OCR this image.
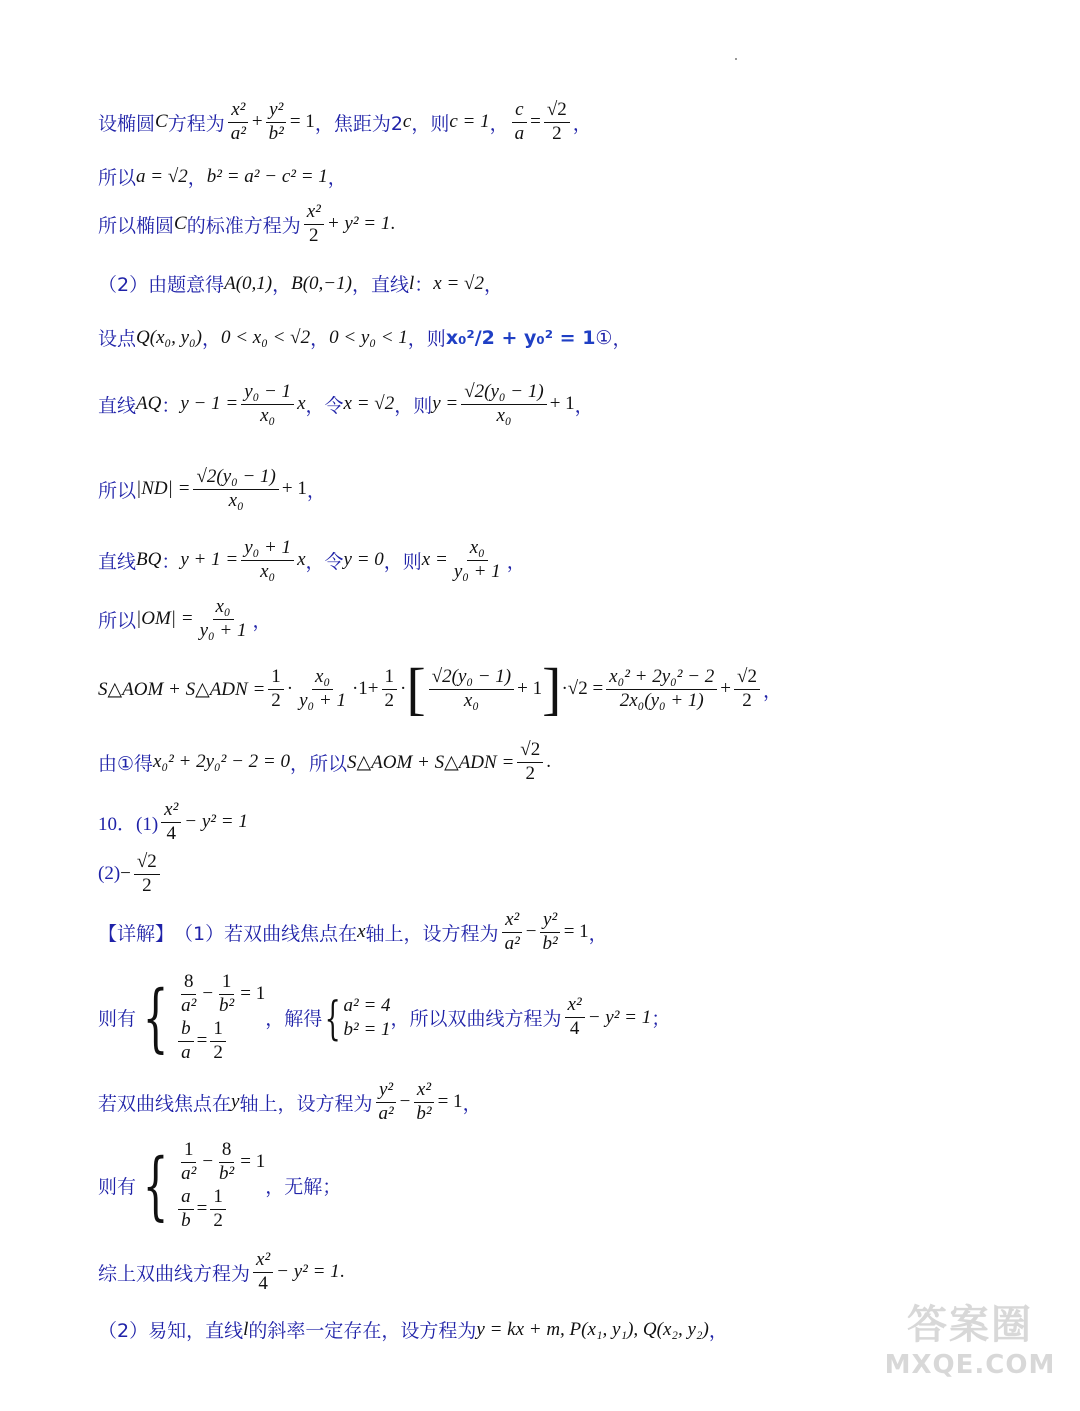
设椭圆 C 方程为 $\frac{\text{x²}}{\text{a²}} + \frac{\text{y²}}{\text{b²}} = 1$ ，焦距为2 c ，则 c = 1 ， $\frac{c}{a} = \frac{√2}{2}$ ，
所以 a = √2 ， b² = a² − c² = 1 ，
所以椭圆 C 的标准方程为 $\frac{\text{x²}}{2} + y^2 = 1$ .
（2）由题意得 A(0,1) ， B(0,−1) ，直线 l ： x = √2 ，
设点 Q(x₀, y₀) ， 0 < x₀ < √2 ， 0 < y₀ < 1 ，则 x₀²/2 + y₀² = 1 ① ，
直线 AQ ： $y - 1 = \frac{\text{y₀ − 1}}{\text{x₀}}$ x ，令 x = √2 ，则 $y = \frac{\text{√2(y₀ − 1)}}{\text{x₀}} + 1$ ，
所以 $|ND| = \frac{\text{√2(y₀ − 1)}}{\text{x₀}} + 1$ ，
直线 BQ ： $y + 1 = \frac{\text{y₀ + 1}}{\text{x₀}}$ x ，令 y = 0 ，则 $x = \frac{\text{x₀}}{\text{y₀ + 1}}$ ，
所以 $|OM| = \frac{\text{x₀}}{\text{y₀ + 1}}$ ，
S△AOM + S△ADN = $\frac{1}{2} \cdot \frac{\text{x₀}}{\text{y₀ + 1}} \cdot 1+ \frac{1}{2}$ · [ $\frac{\text{√2(y₀ − 1)}}{\text{x₀}} + 1$ ] $\cdot√2 = \frac{\text{x₀² + 2y₀² − 2}}{\text{2x₀(y₀ + 1)}} + \frac{√2}{2}$ ，
由①得 x₀² + 2y₀² − 2 = 0 ，所以 S△AOM + S△ADN = $\frac{√2}{2}$ .
10．$(1) \frac{\text{x²}}{4} - y^2 = 1$
$(2) - \frac{√2}{2}$
【详解】 （1）若双曲线焦点在 x 轴上，设方程为 $\frac{\text{x²}}{\text{a²}} - \frac{\text{y²}}{\text{b²}} = 1$ ，
则有 { $\frac{8}{\text{a²}} - \frac{1}{\text{b²}} = 1$
$\frac{b}{a} = \frac{1}{2}$ ，解得 { a² = 4
b² = 1 ，所以双曲线方程为 $\frac{\text{x²}}{4} - y^2 = 1$ ；
若双曲线焦点在 y 轴上，设方程为 $\frac{\text{y²}}{\text{a²}} - \frac{\text{x²}}{\text{b²}} = 1$ ，
则有 { $\frac{1}{\text{a²}} - \frac{8}{\text{b²}} = 1$
$\frac{a}{b} = \frac{1}{2}$ ，无解；
综上双曲线方程为 $\frac{\text{x²}}{4} - y^2 = 1$ .
（2）易知，直线 l 的斜率一定存在，设方程为 y = kx + m, P(x₁, y₁), Q(x₂, y₂) ，	答案圈
MXQE.COM
